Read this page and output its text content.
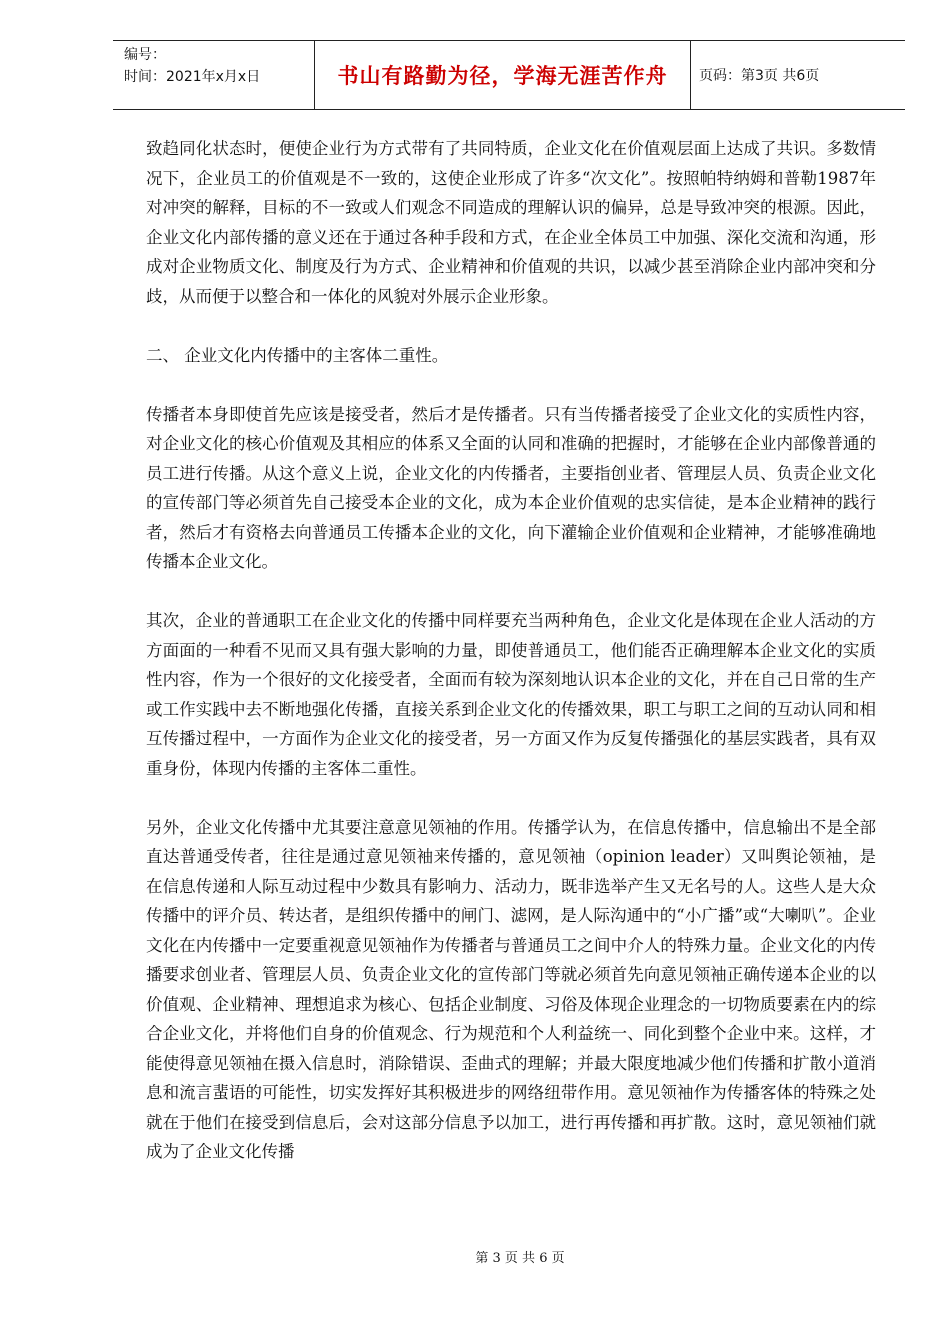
编号：
时间：2021年x月x日	书山有路勤为径，学海无涯苦作舟	页码：第3页 共6页

致趋同化状态时，便使企业行为方式带有了共同特质，企业文化在价值观层面上达成了共识。多数情况下，企业员工的价值观是不一致的，这使企业形成了许多“次文化”。按照帕特纳姆和普勒1987年对冲突的解释，目标的不一致或人们观念不同造成的理解认识的偏异，总是导致冲突的根源。因此，企业文化内部传播的意义还在于通过各种手段和方式，在企业全体员工中加强、深化交流和沟通，形成对企业物质文化、制度及行为方式、企业精神和价值观的共识，以减少甚至消除企业内部冲突和分歧，从而便于以整合和一体化的风貌对外展示企业形象。

二、 企业文化内传播中的主客体二重性。

传播者本身即使首先应该是接受者，然后才是传播者。只有当传播者接受了企业文化的实质性内容，对企业文化的核心价值观及其相应的体系又全面的认同和准确的把握时，才能够在企业内部像普通的员工进行传播。从这个意义上说，企业文化的内传播者，主要指创业者、管理层人员、负责企业文化的宣传部门等必须首先自己接受本企业的文化，成为本企业价值观的忠实信徒，是本企业精神的践行者，然后才有资格去向普通员工传播本企业的文化，向下灌输企业价值观和企业精神，才能够准确地传播本企业文化。

其次，企业的普通职工在企业文化的传播中同样要充当两种角色，企业文化是体现在企业人活动的方方面面的一种看不见而又具有强大影响的力量，即使普通员工，他们能否正确理解本企业文化的实质性内容，作为一个很好的文化接受者，全面而有较为深刻地认识本企业的文化，并在自己日常的生产或工作实践中去不断地强化传播，直接关系到企业文化的传播效果，职工与职工之间的互动认同和相互传播过程中，一方面作为企业文化的接受者，另一方面又作为反复传播强化的基层实践者，具有双重身份，体现内传播的主客体二重性。

另外，企业文化传播中尤其要注意意见领袖的作用。传播学认为，在信息传播中，信息输出不是全部直达普通受传者，往往是通过意见领袖来传播的，意见领袖（opinion leader）又叫舆论领袖，是在信息传递和人际互动过程中少数具有影响力、活动力，既非选举产生又无名号的人。这些人是大众传播中的评介员、转达者，是组织传播中的闸门、滤网，是人际沟通中的“小广播”或“大喇叭”。企业文化在内传播中一定要重视意见领袖作为传播者与普通员工之间中介人的特殊力量。企业文化的内传播要求创业者、管理层人员、负责企业文化的宣传部门等就必须首先向意见领袖正确传递本企业的以价值观、企业精神、理想追求为核心、包括企业制度、习俗及体现企业理念的一切物质要素在内的综合企业文化，并将他们自身的价值观念、行为规范和个人利益统一、同化到整个企业中来。这样，才能使得意见领袖在摄入信息时，消除错误、歪曲式的理解；并最大限度地减少他们传播和扩散小道消息和流言蜚语的可能性，切实发挥好其积极进步的网络纽带作用。意见领袖作为传播客体的特殊之处就在于他们在接受到信息后，会对这部分信息予以加工，进行再传播和再扩散。这时，意见领袖们就成为了企业文化传播

第 3 页 共 6 页
